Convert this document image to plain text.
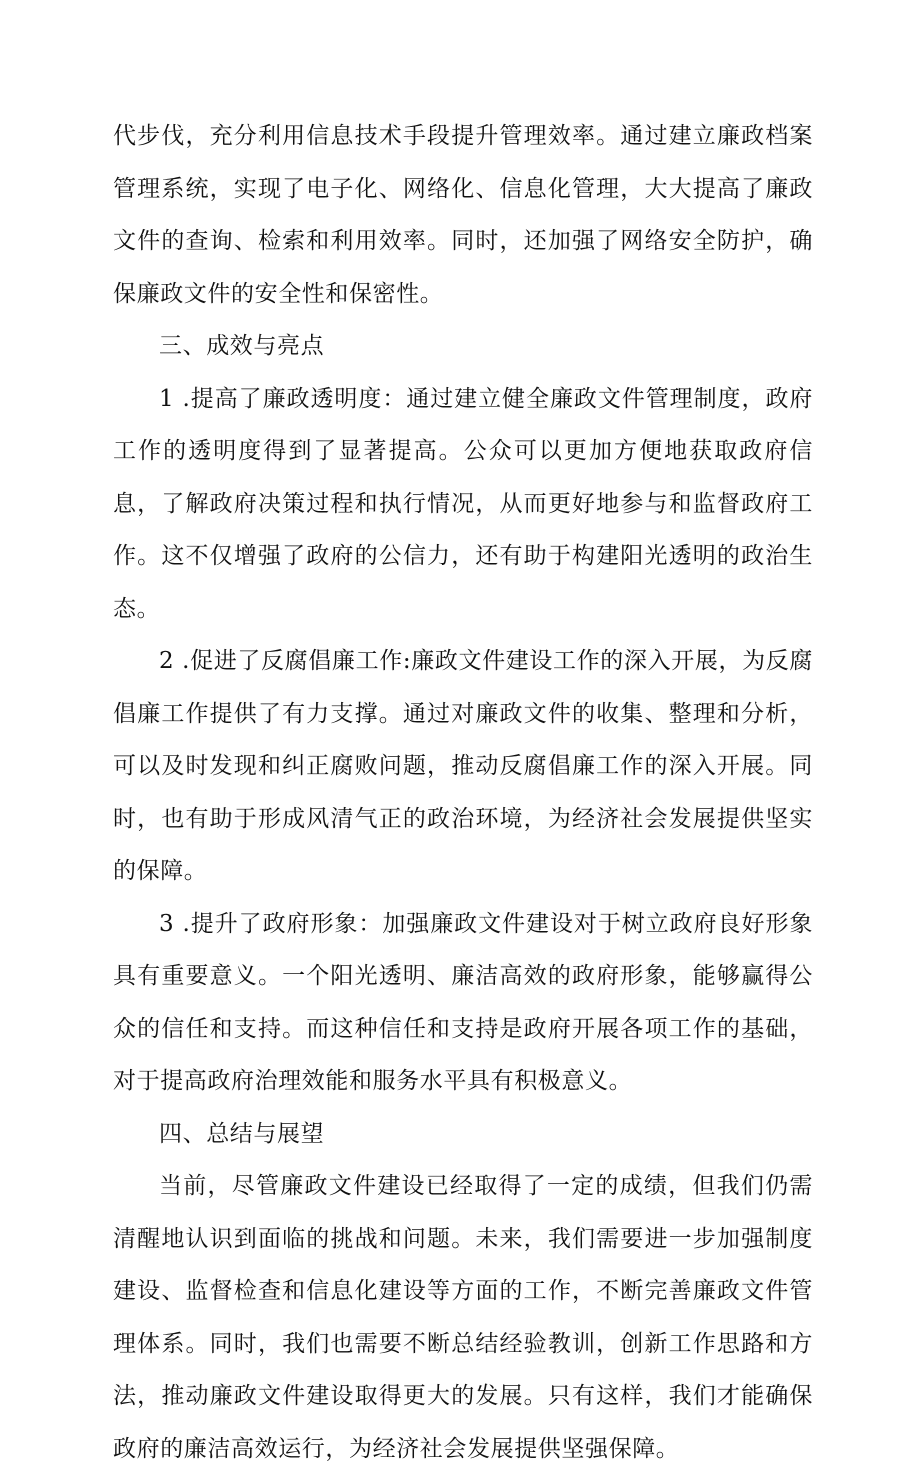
代步伐，充分利用信息技术手段提升管理效率。通过建立廉政档案管理系统，实现了电子化、网络化、信息化管理，大大提高了廉政文件的查询、检索和利用效率。同时，还加强了网络安全防护，确保廉政文件的安全性和保密性。

三、成效与亮点

1 .提高了廉政透明度：通过建立健全廉政文件管理制度，政府工作的透明度得到了显著提高。公众可以更加方便地获取政府信息，了解政府决策过程和执行情况，从而更好地参与和监督政府工作。这不仅增强了政府的公信力，还有助于构建阳光透明的政治生态。

2 .促进了反腐倡廉工作:廉政文件建设工作的深入开展，为反腐倡廉工作提供了有力支撑。通过对廉政文件的收集、整理和分析，可以及时发现和纠正腐败问题，推动反腐倡廉工作的深入开展。同时，也有助于形成风清气正的政治环境，为经济社会发展提供坚实的保障。

3 .提升了政府形象：加强廉政文件建设对于树立政府良好形象具有重要意义。一个阳光透明、廉洁高效的政府形象，能够赢得公众的信任和支持。而这种信任和支持是政府开展各项工作的基础，对于提高政府治理效能和服务水平具有积极意义。

四、总结与展望

当前，尽管廉政文件建设已经取得了一定的成绩，但我们仍需清醒地认识到面临的挑战和问题。未来，我们需要进一步加强制度建设、监督检查和信息化建设等方面的工作，不断完善廉政文件管理体系。同时，我们也需要不断总结经验教训，创新工作思路和方法，推动廉政文件建设取得更大的发展。只有这样，我们才能确保政府的廉洁高效运行，为经济社会发展提供坚强保障。
